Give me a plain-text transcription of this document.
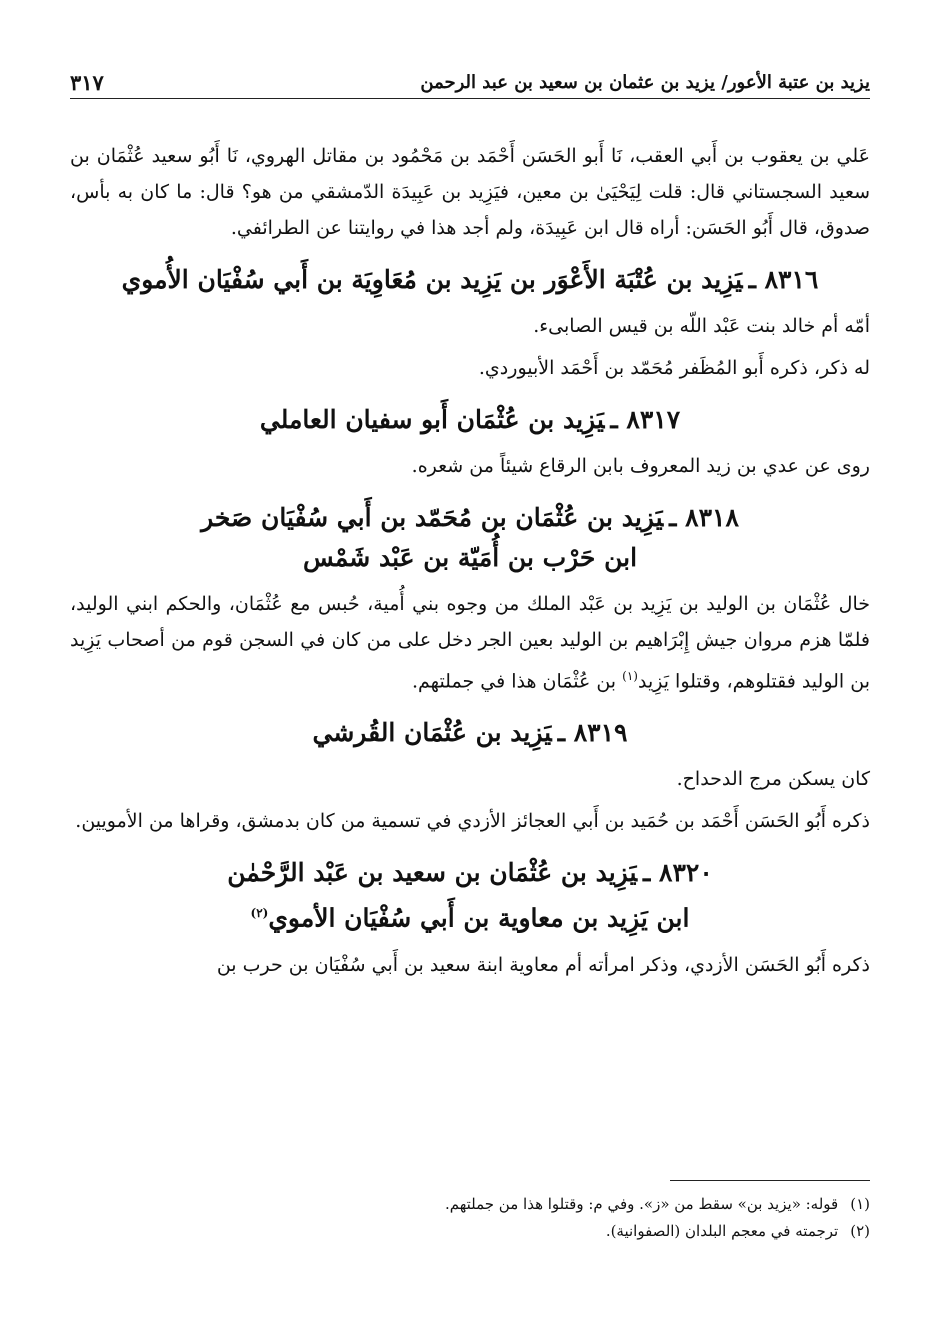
يزيد بن عتبة الأعور/ يزيد بن عثمان بن سعيد بن عبد الرحمن
٣١٧

عَلي بن يعقوب بن أَبي العقب، نَا أَبو الحَسَن أَحْمَد بن مَحْمُود بن مقاتل الهروي، نَا أَبُو سعيد عُثْمَان بن سعيد السجستاني قال: قلت لِيَحْيَىٰ بن معين، فيَزِيد بن عَبِيدَة الدّمشقي من هو؟ قال: ما كان به بأس، صدوق، قال أَبُو الحَسَن: أراه قال ابن عَبِيدَة، ولم أجد هذا في روايتنا عن الطرائفي.

٨٣١٦ ـيَزِيد بن عُتْبَة الأَعْوَر بن يَزِيد بن مُعَاوِيَة بن أَبي سُفْيَان الأُموي

أمّه أم خالد بنت عَبْد اللّه بن قيس الصابىء.

له ذكر، ذكره أَبو المُظَفر مُحَمّد بن أَحْمَد الأبيوردي.

٨٣١٧ ـيَزِيد بن عُثْمَان أَبو سفيان العاملي

روى عن عدي بن زيد المعروف بابن الرقاع شيئاً من شعره.

٨٣١٨ ـيَزِيد بن عُثْمَان بن مُحَمّد بن أَبي سُفْيَان صَخر
ابن حَرْب بن أُمَيّة بن عَبْد شَمْس

خال عُثْمَان بن الوليد بن يَزِيد بن عَبْد الملك من وجوه بني أُمية، حُبس مع عُثْمَان، والحكم ابني الوليد، فلمّا هزم مروان جيش إِبْرَاهيم بن الوليد بعين الجر دخل على من كان في السجن قوم من أصحاب يَزِيد بن الوليد فقتلوهم، وقتلوا يَزِيد$^{(١)}$ بن عُثْمَان هذا في جملتهم.

٨٣١٩ ـيَزِيد بن عُثْمَان القُرشي

كان يسكن مرج الدحداح.

ذكره أَبُو الحَسَن أَحْمَد بن حُمَيد بن أَبي العجائز الأزدي في تسمية من كان بدمشق، وقراها من الأمويين.

٨٣٢٠ ـيَزِيد بن عُثْمَان بن سعيد بن عَبْد الرَّحْمٰن
ابن يَزِيد بن معاوية بن أَبي سُفْيَان الأموي$^{(٢)}$

ذكره أَبُو الحَسَن الأزدي، وذكر امرأته أم معاوية ابنة سعيد بن أَبي سُفْيَان بن حرب بن

(١)قوله: «يزيد بن» سقط من «ز». وفي م: وقتلوا هذا من جملتهم.
(٢)ترجمته في معجم البلدان (الصفوانية).
